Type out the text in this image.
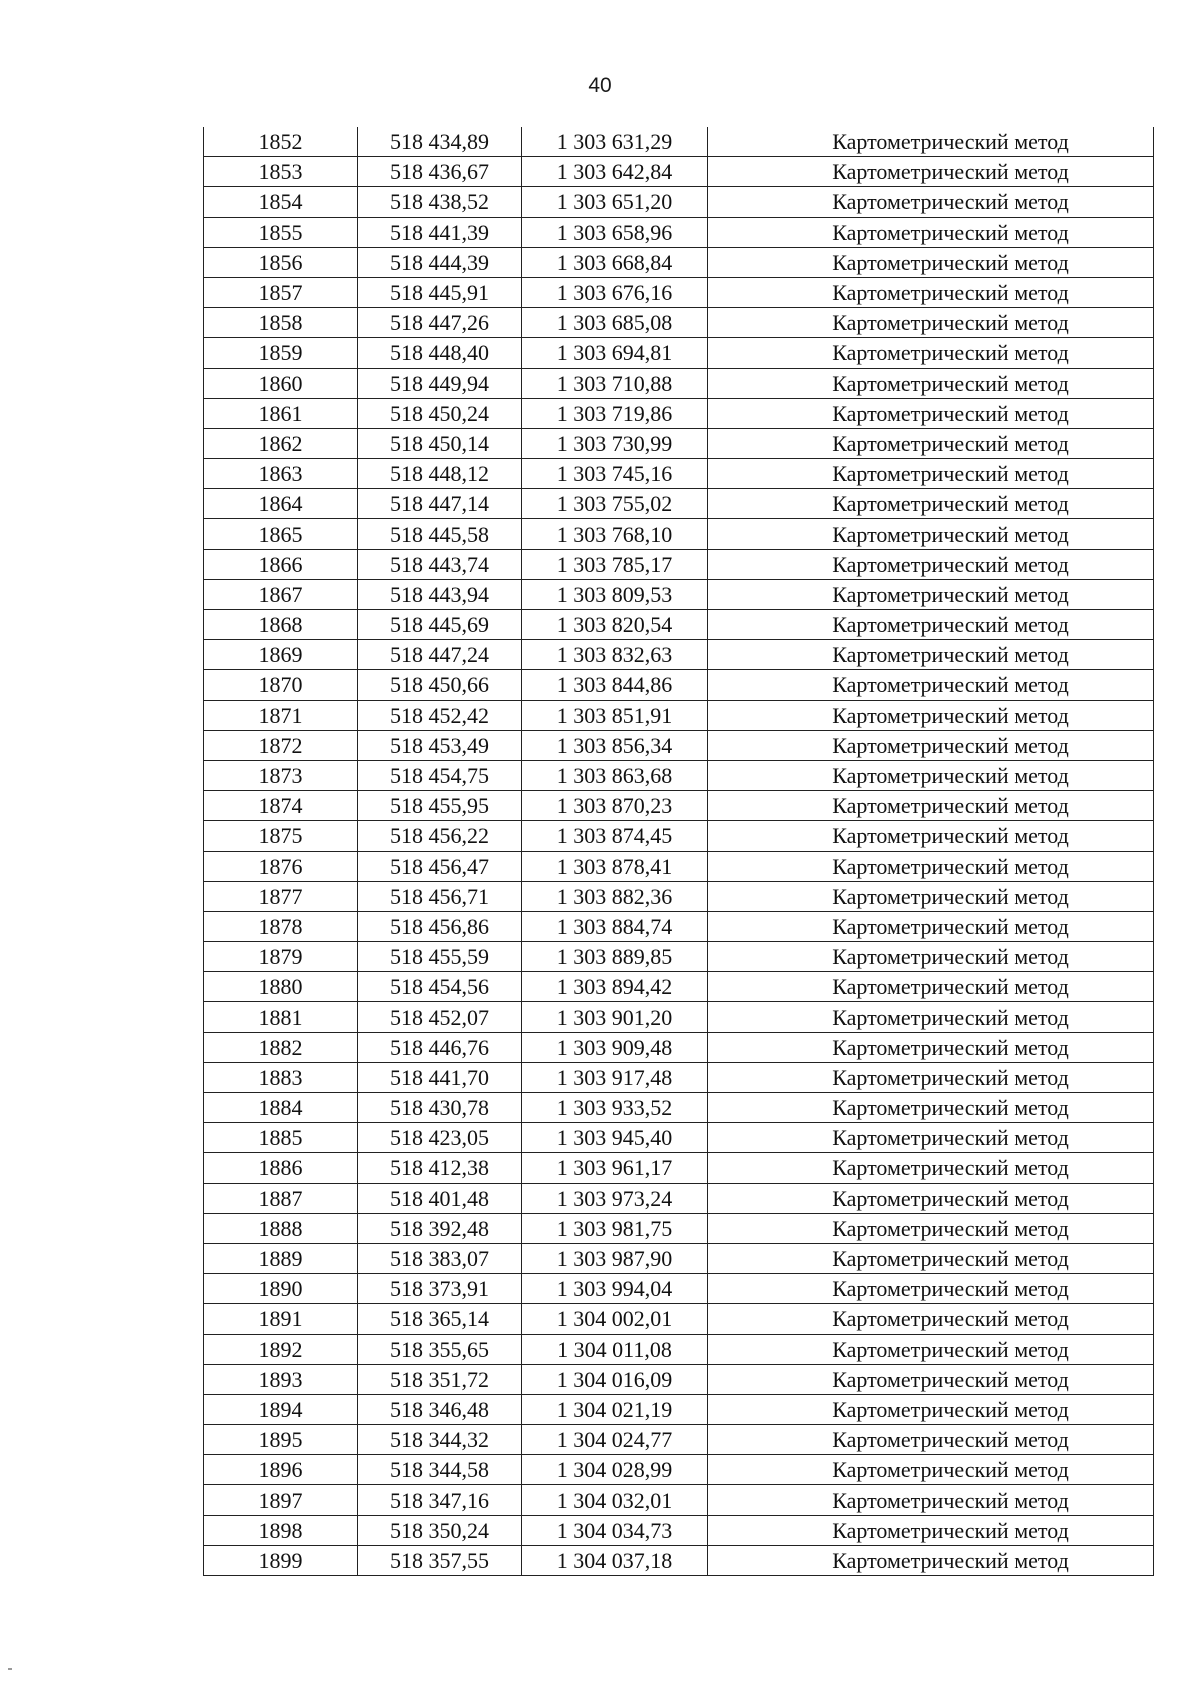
40
1852	518 434,89	1 303 631,29	Картометрический метод
1853	518 436,67	1 303 642,84	Картометрический метод
1854	518 438,52	1 303 651,20	Картометрический метод
1855	518 441,39	1 303 658,96	Картометрический метод
1856	518 444,39	1 303 668,84	Картометрический метод
1857	518 445,91	1 303 676,16	Картометрический метод
1858	518 447,26	1 303 685,08	Картометрический метод
1859	518 448,40	1 303 694,81	Картометрический метод
1860	518 449,94	1 303 710,88	Картометрический метод
1861	518 450,24	1 303 719,86	Картометрический метод
1862	518 450,14	1 303 730,99	Картометрический метод
1863	518 448,12	1 303 745,16	Картометрический метод
1864	518 447,14	1 303 755,02	Картометрический метод
1865	518 445,58	1 303 768,10	Картометрический метод
1866	518 443,74	1 303 785,17	Картометрический метод
1867	518 443,94	1 303 809,53	Картометрический метод
1868	518 445,69	1 303 820,54	Картометрический метод
1869	518 447,24	1 303 832,63	Картометрический метод
1870	518 450,66	1 303 844,86	Картометрический метод
1871	518 452,42	1 303 851,91	Картометрический метод
1872	518 453,49	1 303 856,34	Картометрический метод
1873	518 454,75	1 303 863,68	Картометрический метод
1874	518 455,95	1 303 870,23	Картометрический метод
1875	518 456,22	1 303 874,45	Картометрический метод
1876	518 456,47	1 303 878,41	Картометрический метод
1877	518 456,71	1 303 882,36	Картометрический метод
1878	518 456,86	1 303 884,74	Картометрический метод
1879	518 455,59	1 303 889,85	Картометрический метод
1880	518 454,56	1 303 894,42	Картометрический метод
1881	518 452,07	1 303 901,20	Картометрический метод
1882	518 446,76	1 303 909,48	Картометрический метод
1883	518 441,70	1 303 917,48	Картометрический метод
1884	518 430,78	1 303 933,52	Картометрический метод
1885	518 423,05	1 303 945,40	Картометрический метод
1886	518 412,38	1 303 961,17	Картометрический метод
1887	518 401,48	1 303 973,24	Картометрический метод
1888	518 392,48	1 303 981,75	Картометрический метод
1889	518 383,07	1 303 987,90	Картометрический метод
1890	518 373,91	1 303 994,04	Картометрический метод
1891	518 365,14	1 304 002,01	Картометрический метод
1892	518 355,65	1 304 011,08	Картометрический метод
1893	518 351,72	1 304 016,09	Картометрический метод
1894	518 346,48	1 304 021,19	Картометрический метод
1895	518 344,32	1 304 024,77	Картометрический метод
1896	518 344,58	1 304 028,99	Картометрический метод
1897	518 347,16	1 304 032,01	Картометрический метод
1898	518 350,24	1 304 034,73	Картометрический метод
1899	518 357,55	1 304 037,18	Картометрический метод
